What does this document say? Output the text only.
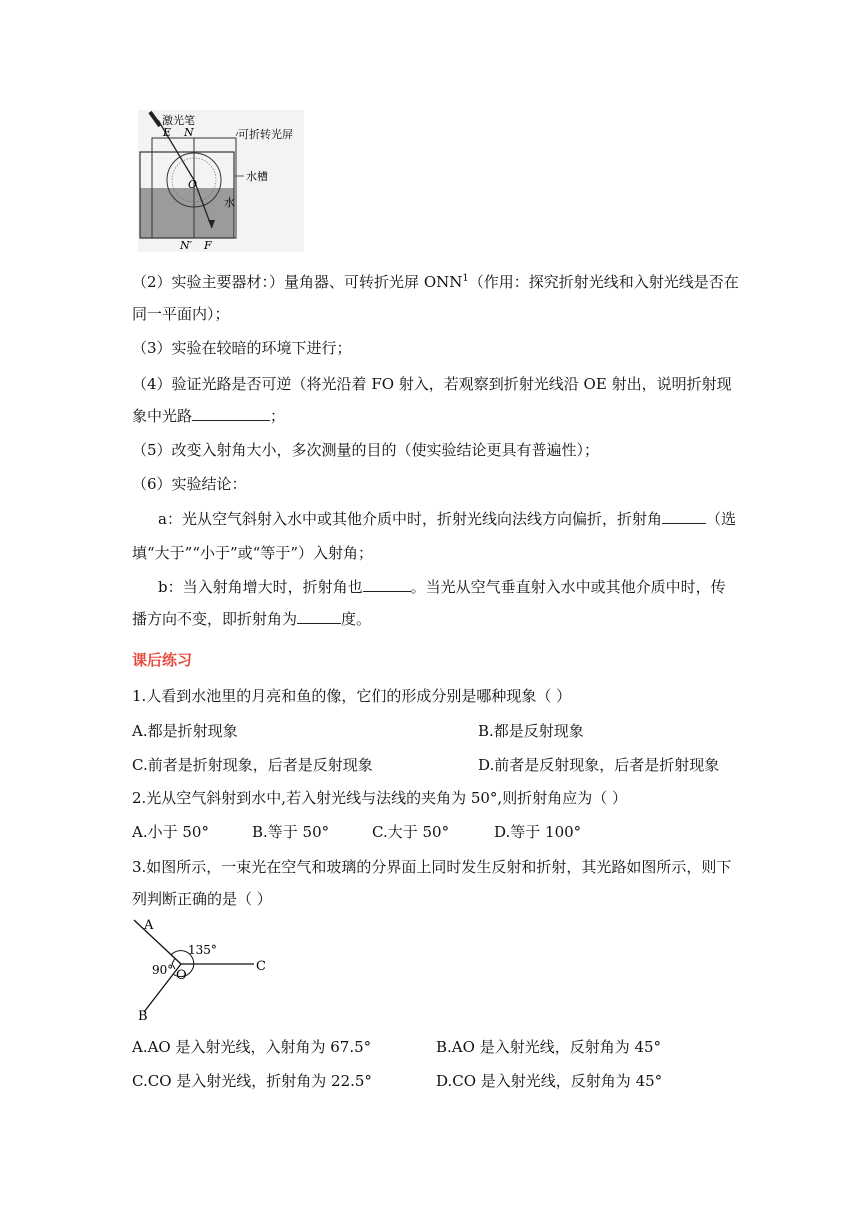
激光笔
E N	可折转光屏
O
水槽
水
N′ F
（2）实验主要器材：）量角器、可转折光屏 ONN$^1$（作用：探究折射光线和入射光线是否在
同一平面内）；
（3）实验在较暗的环境下进行；
（4）验证光路是否可逆（将光沿着 FO 射入，若观察到折射光线沿 OE 射出，说明折射现
象中光路	；
（5）改变入射角大小，多次测量的目的（使实验结论更具有普遍性）；
（6）实验结论：
a：光从空气斜射入水中或其他介质中时，折射光线向法线方向偏折，折射角	（选
填“大于”“小于”或“等于”）入射角；
b：当入射角增大时，折射角也	。当光从空气垂直射入水中或其他介质中时，传
播方向不变，即折射角为	度。
课后练习
1.人看到水池里的月亮和鱼的像，它们的形成分别是哪种现象（ ）
A.都是折射现象	B.都是反射现象
C.前者是折射现象，后者是反射现象	D.前者是反射现象，后者是折射现象
2.光从空气斜射到水中,若入射光线与法线的夹角为 50°,则折射角应为（ ）
A.小于 50°	B.等于 50°	C.大于 50°	D.等于 100°
3.如图所示，一束光在空气和玻璃的分界面上同时发生反射和折射，其光路如图所示，则下
列判断正确的是（ ）
A
B
C
O
135°
90°
A.AO 是入射光线，入射角为 67.5°	B.AO 是入射光线，反射角为 45°
C.CO 是入射光线，折射角为 22.5°	D.CO 是入射光线，反射角为 45°
